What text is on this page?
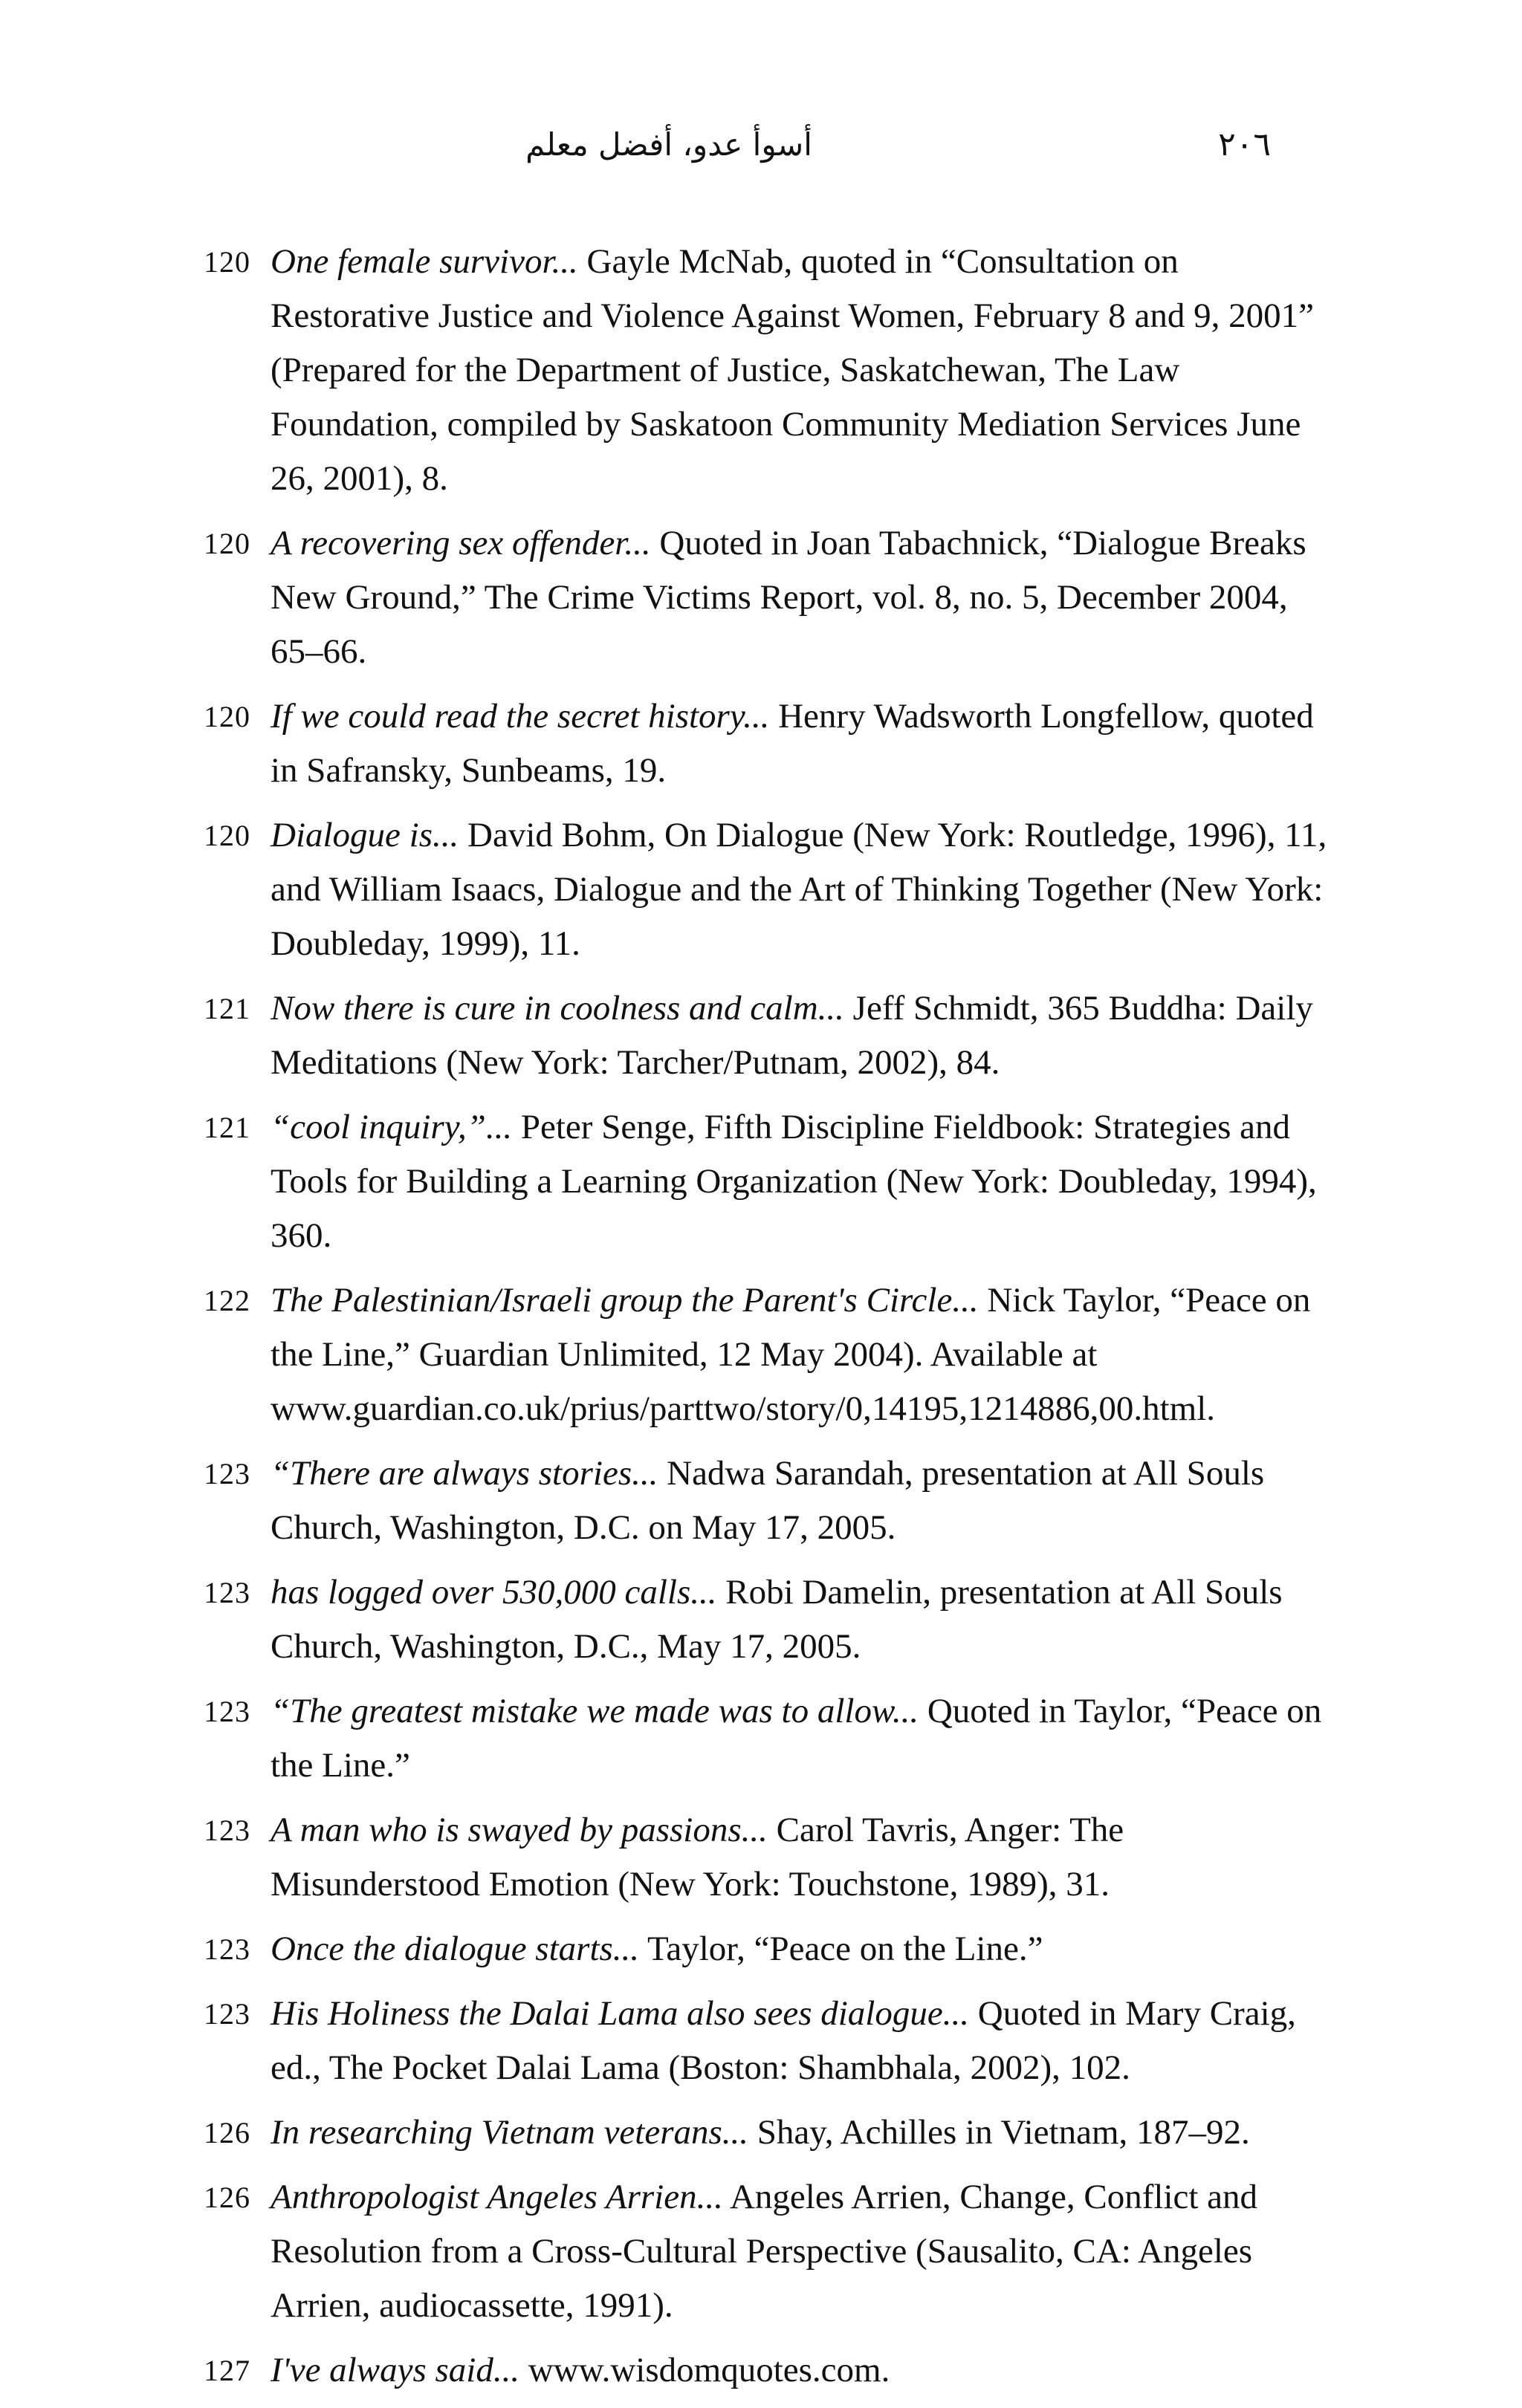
أسوأ عدو، أفضل معلم	٢٠٦
120 One female survivor... Gayle McNab, quoted in “Consultation on Restorative Justice and Violence Against Women, February 8 and 9, 2001” (Prepared for the Department of Justice, Saskatchewan, The Law Foundation, compiled by Saskatoon Community Mediation Services June 26, 2001), 8.
120 A recovering sex offender... Quoted in Joan Tabachnick, “Dialogue Breaks New Ground,” The Crime Victims Report, vol. 8, no. 5, December 2004, 65–66.
120 If we could read the secret history... Henry Wadsworth Longfellow, quoted in Safransky, Sunbeams, 19.
120 Dialogue is... David Bohm, On Dialogue (New York: Routledge, 1996), 11, and William Isaacs, Dialogue and the Art of Thinking Together (New York: Doubleday, 1999), 11.
121 Now there is cure in coolness and calm... Jeff Schmidt, 365 Buddha: Daily Meditations (New York: Tarcher/Putnam, 2002), 84.
121 “cool inquiry,”... Peter Senge, Fifth Discipline Fieldbook: Strategies and Tools for Building a Learning Organization (New York: Doubleday, 1994), 360.
122 The Palestinian/Israeli group the Parent's Circle... Nick Taylor, “Peace on the Line,” Guardian Unlimited, 12 May 2004). Available at www.guardian.co.uk/prius/parttwo/story/0,14195,1214886,00.html.
123 “There are always stories... Nadwa Sarandah, presentation at All Souls Church, Washington, D.C. on May 17, 2005.
123 has logged over 530,000 calls... Robi Damelin, presentation at All Souls Church, Washington, D.C., May 17, 2005.
123 “The greatest mistake we made was to allow... Quoted in Taylor, “Peace on the Line.”
123 A man who is swayed by passions... Carol Tavris, Anger: The Misunderstood Emotion (New York: Touchstone, 1989), 31.
123 Once the dialogue starts... Taylor, “Peace on the Line.”
123 His Holiness the Dalai Lama also sees dialogue... Quoted in Mary Craig, ed., The Pocket Dalai Lama (Boston: Shambhala, 2002), 102.
126 In researching Vietnam veterans... Shay, Achilles in Vietnam, 187–92.
126 Anthropologist Angeles Arrien... Angeles Arrien, Change, Conflict and Resolution from a Cross-Cultural Perspective (Sausalito, CA: Angeles Arrien, audiocassette, 1991).
127 I've always said... www.wisdomquotes.com.
